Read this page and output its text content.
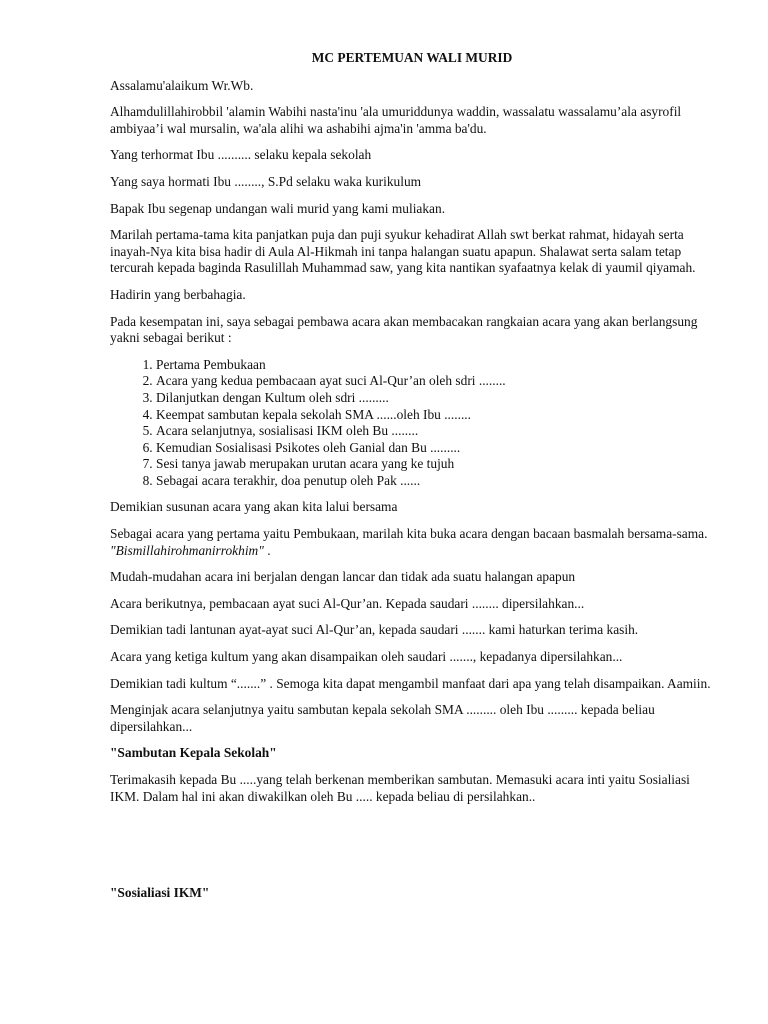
MC PERTEMUAN WALI MURID

Assalamu'alaikum Wr.Wb.

Alhamdulillahirobbil 'alamin Wabihi nasta'inu 'ala umuriddunya waddin, wassalatu wassalamu’ala asyrofil ambiyaa’i wal mursalin, wa'ala alihi wa ashabihi ajma'in 'amma ba'du.

Yang terhormat Ibu .......... selaku kepala sekolah

Yang saya hormati Ibu ........, S.Pd selaku waka kurikulum

Bapak Ibu segenap undangan wali murid yang kami muliakan.

Marilah pertama-tama kita panjatkan puja dan puji syukur kehadirat Allah swt berkat rahmat, hidayah serta inayah-Nya kita bisa hadir di Aula Al-Hikmah ini tanpa halangan suatu apapun. Shalawat serta salam tetap tercurah kepada baginda Rasulillah Muhammad saw, yang kita nantikan syafaatnya kelak di yaumil qiyamah.

Hadirin yang berbahagia.

Pada kesempatan ini, saya sebagai pembawa acara akan membacakan rangkaian acara yang akan berlangsung yakni sebagai berikut :

1. Pertama Pembukaan
2. Acara yang kedua pembacaan ayat suci Al-Qur’an oleh sdri ........
3. Dilanjutkan dengan Kultum oleh sdri .........
4. Keempat sambutan kepala sekolah SMA ......oleh Ibu ........
5. Acara selanjutnya, sosialisasi IKM oleh Bu ........
6. Kemudian Sosialisasi Psikotes oleh Ganial dan Bu .........
7. Sesi tanya jawab merupakan urutan acara yang ke tujuh
8. Sebagai acara terakhir, doa penutup oleh Pak ......

Demikian susunan acara yang akan kita lalui bersama

Sebagai acara yang pertama yaitu Pembukaan, marilah kita buka acara dengan bacaan basmalah bersama-sama. "Bismillahirohmanirrokhim" .

Mudah-mudahan acara ini berjalan dengan lancar dan tidak ada suatu halangan apapun

Acara berikutnya, pembacaan ayat suci Al-Qur’an. Kepada saudari ........ dipersilahkan...

Demikian tadi lantunan ayat-ayat suci Al-Qur’an, kepada saudari ....... kami haturkan terima kasih.

Acara yang ketiga kultum yang akan disampaikan oleh saudari ......., kepadanya dipersilahkan...

Demikian tadi kultum “.......” . Semoga kita dapat mengambil manfaat dari apa yang telah disampaikan. Aamiin.

Menginjak acara selanjutnya yaitu sambutan kepala sekolah SMA ......... oleh Ibu ......... kepada beliau dipersilahkan...

"Sambutan Kepala Sekolah"

Terimakasih kepada Bu .....yang telah berkenan memberikan sambutan. Memasuki acara inti yaitu Sosialiasi IKM. Dalam hal ini akan diwakilkan oleh Bu ..... kepada beliau di persilahkan..

"Sosialiasi IKM"
